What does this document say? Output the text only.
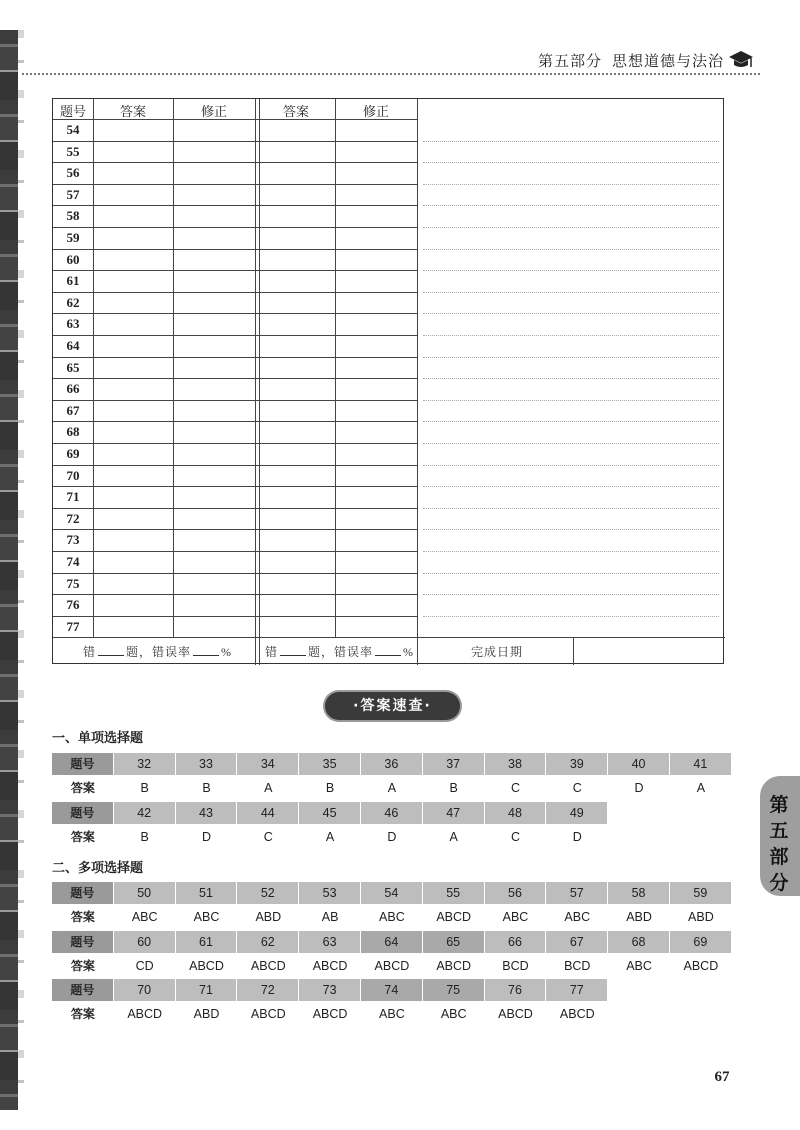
第五部分 思想道德与法治
题号	答案	修正	答案	修正
54
55
56
57
58
59
60
61
62
63
64
65
66
67
68
69
70
71
72
73
74
75
76
77
错	题，错误率	%	错	题，错误率	%	完成日期
·答案速查·
一、单项选择题
题号	32	33	34	35	36	37	38	39	40	41
答案	B	B	A	B	A	B	C	C	D	A
题号	42	43	44	45	46	47	48	49
答案	B	D	C	A	D	A	C	D
二、多项选择题
题号	50	51	52	53	54	55	56	57	58	59
答案	ABC	ABC	ABD	AB	ABC	ABCD	ABC	ABC	ABD	ABD
题号	60	61	62	63	64	65	66	67	68	69
答案	CD	ABCD	ABCD	ABCD	ABCD	ABCD	BCD	BCD	ABC	ABCD
题号	70	71	72	73	74	75	76	77
答案	ABCD	ABD	ABCD	ABCD	ABC	ABC	ABCD	ABCD
第五部分
67
